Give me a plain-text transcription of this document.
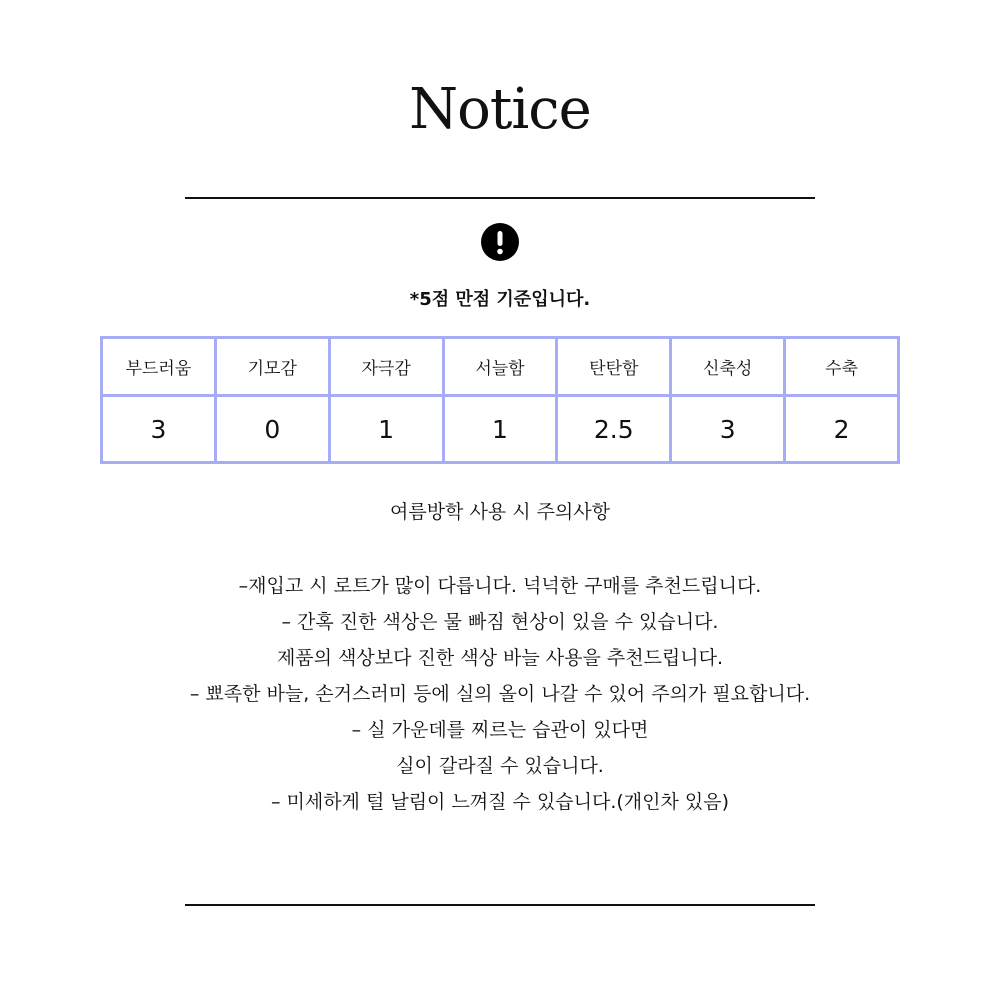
Notice
*5점 만점 기준입니다.
부드러움	기모감	자극감	서늘함	탄탄함	신축성	수축
3	0	1	1	2.5	3	2
여름방학 사용 시 주의사항
–재입고 시 로트가 많이 다릅니다. 넉넉한 구매를 추천드립니다.
– 간혹 진한 색상은 물 빠짐 현상이 있을 수 있습니다.
제품의 색상보다 진한 색상 바늘 사용을 추천드립니다.
– 뾰족한 바늘, 손거스러미 등에 실의 올이 나갈 수 있어 주의가 필요합니다.
– 실 가운데를 찌르는 습관이 있다면
실이 갈라질 수 있습니다.
– 미세하게 털 날림이 느껴질 수 있습니다.(개인차 있음)
